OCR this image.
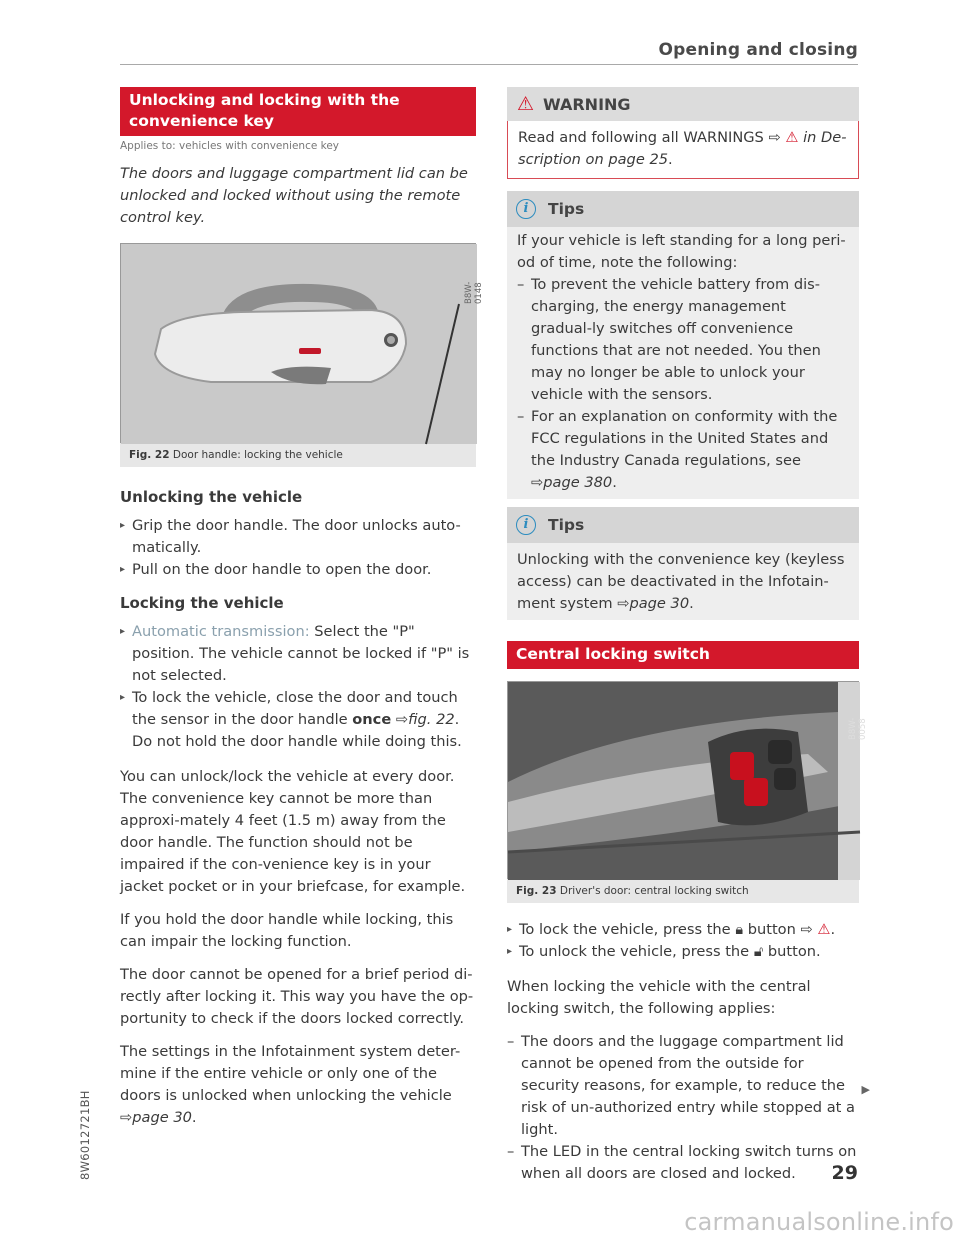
Opening and closing
Unlocking and locking with the
convenience key
Applies to: vehicles with convenience key

The doors and luggage compartment lid can be unlocked and locked without using the remote control key.

B8W-0148
Fig. 22 Door handle: locking the vehicle
Unlocking the vehicle
▸ Grip the door handle. The door unlocks auto-matically.
▸ Pull on the door handle to open the door.
Locking the vehicle
▸ Automatic transmission: Select the "P" position. The vehicle cannot be locked if "P" is not selected.
▸ To lock the vehicle, close the door and touch the sensor in the door handle once ⇨fig. 22. Do not hold the door handle while doing this.

You can unlock/lock the vehicle at every door. The convenience key cannot be more than approxi-mately 4 feet (1.5 m) away from the door handle. The function should not be impaired if the con-venience key is in your jacket pocket or in your briefcase, for example.

If you hold the door handle while locking, this can impair the locking function.

The door cannot be opened for a brief period di-rectly after locking it. This way you have the op-portunity to check if the doors locked correctly.

The settings in the Infotainment system deter-mine if the entire vehicle or only one of the doors is unlocked when unlocking the vehicle ⇨page 30.

⚠ WARNING

Read and following all WARNINGS ⇨ ⚠ in De-scription on page 25.

i	Tips

If your vehicle is left standing for a long peri-od of time, note the following:

– To prevent the vehicle battery from dis-charging, the energy management gradual-ly switches off convenience functions that are not needed. You then may no longer be able to unlock your vehicle with the sensors.
– For an explanation on conformity with the FCC regulations in the United States and the Industry Canada regulations, see ⇨page 380.
i	Tips

Unlocking with the convenience key (keyless access) can be deactivated in the Infotain-ment system ⇨page 30.

Central locking switch
B8W-0058
Fig. 23 Driver's door: central locking switch
▸ To lock the vehicle, press the 🔒︎ button ⇨ ⚠.
▸ To unlock the vehicle, press the 🔓︎ button.

When locking the vehicle with the central locking switch, the following applies:

– The doors and the luggage compartment lid cannot be opened from the outside for security reasons, for example, to reduce the risk of un-authorized entry while stopped at a light.
– The LED in the central locking switch turns on when all doors are closed and locked.
▶
8W6012721BH	29
carmanualsonline.info
